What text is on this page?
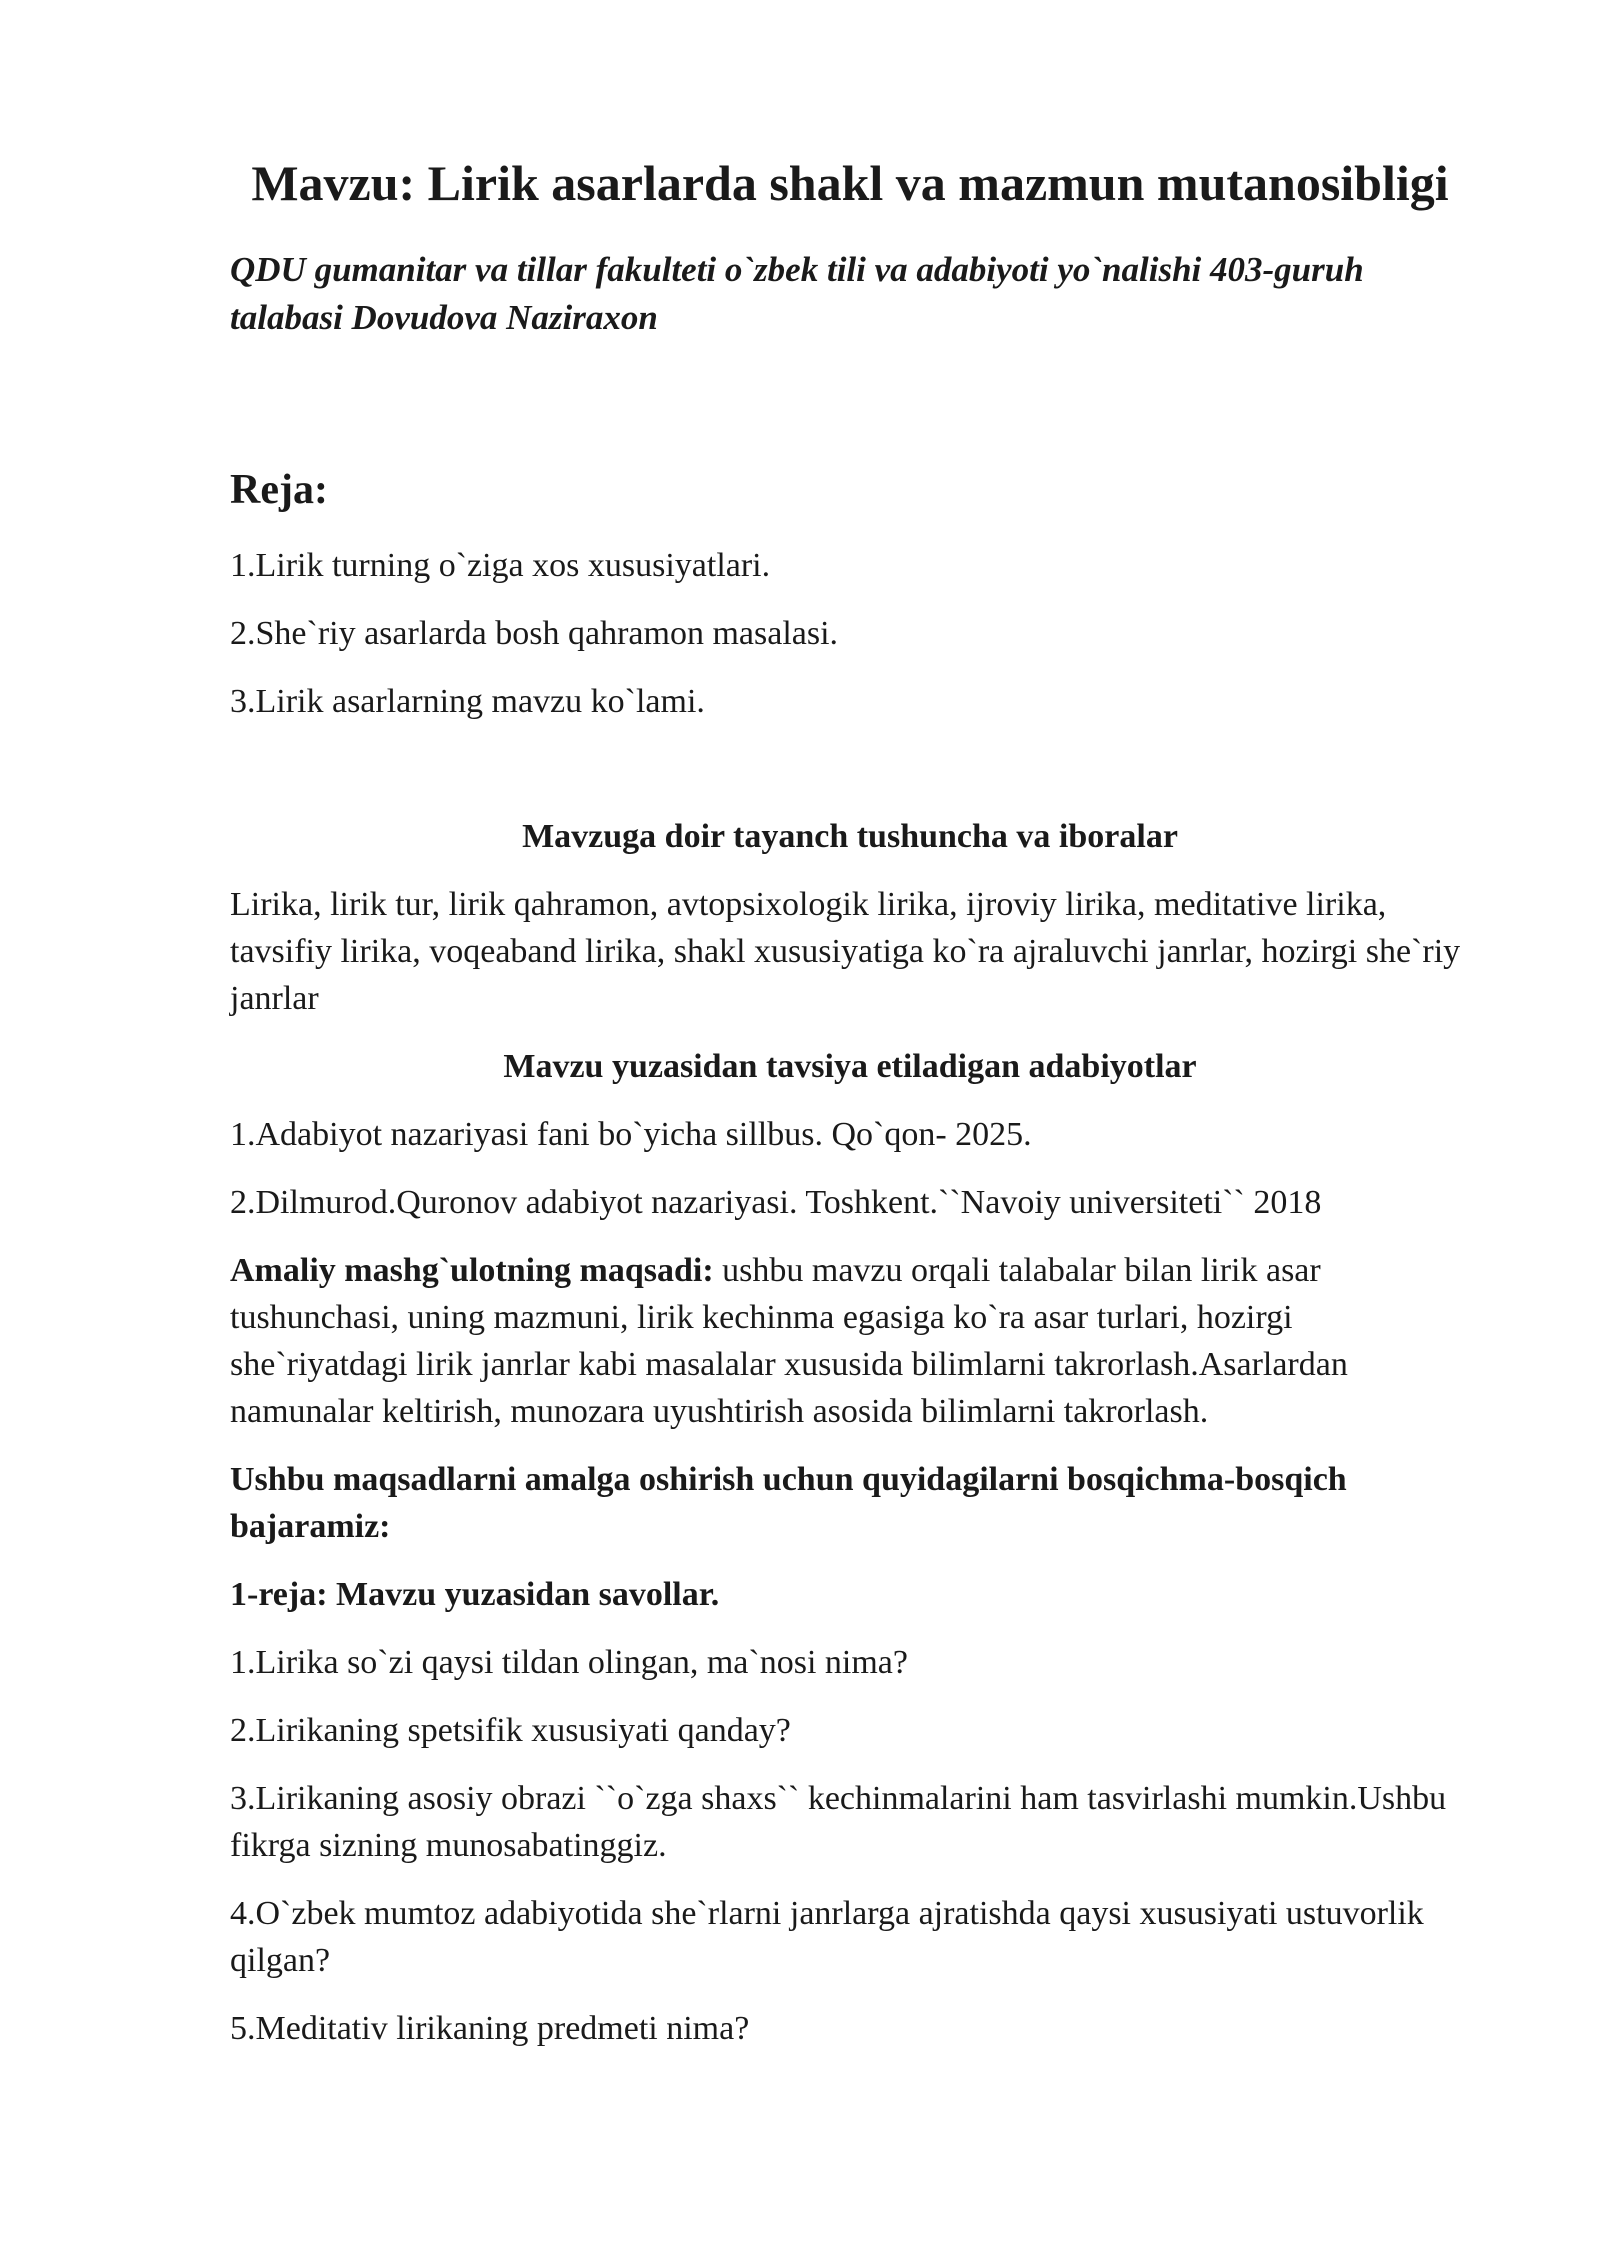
Mavzu: Lirik asarlarda shakl va mazmun mutanosibligi
QDU gumanitar va tillar fakulteti o`zbek tili va adabiyoti yo`nalishi 403-guruh talabasi Dovudova Naziraxon
Reja:
1.Lirik turning o`ziga xos xususiyatlari.
2.She`riy asarlarda bosh qahramon masalasi.
3.Lirik asarlarning mavzu ko`lami.
Mavzuga doir tayanch tushuncha va iboralar
Lirika, lirik tur, lirik qahramon, avtopsixologik lirika, ijroviy lirika, meditative lirika, tavsifiy lirika, voqeaband lirika, shakl xususiyatiga ko`ra ajraluvchi janrlar, hozirgi she`riy janrlar
Mavzu yuzasidan tavsiya etiladigan adabiyotlar
1.Adabiyot nazariyasi fani bo`yicha sillbus. Qo`qon- 2025.
2.Dilmurod.Quronov adabiyot nazariyasi. Toshkent.``Navoiy universiteti`` 2018
Amaliy mashg`ulotning maqsadi: ushbu mavzu orqali talabalar bilan lirik asar tushunchasi, uning mazmuni, lirik kechinma egasiga ko`ra asar turlari, hozirgi she`riyatdagi lirik janrlar kabi masalalar xususida bilimlarni takrorlash.Asarlardan namunalar keltirish, munozara uyushtirish asosida bilimlarni takrorlash.
Ushbu maqsadlarni amalga oshirish uchun quyidagilarni bosqichma-bosqich bajaramiz:
1-reja: Mavzu yuzasidan savollar.
1.Lirika so`zi qaysi tildan olingan, ma`nosi nima?
2.Lirikaning spetsifik xususiyati qanday?
3.Lirikaning asosiy obrazi ``o`zga shaxs`` kechinmalarini ham tasvirlashi mumkin.Ushbu fikrga sizning munosabatinggiz.
4.O`zbek mumtoz adabiyotida she`rlarni janrlarga ajratishda qaysi xususiyati ustuvorlik qilgan?
5.Meditativ lirikaning predmeti nima?
